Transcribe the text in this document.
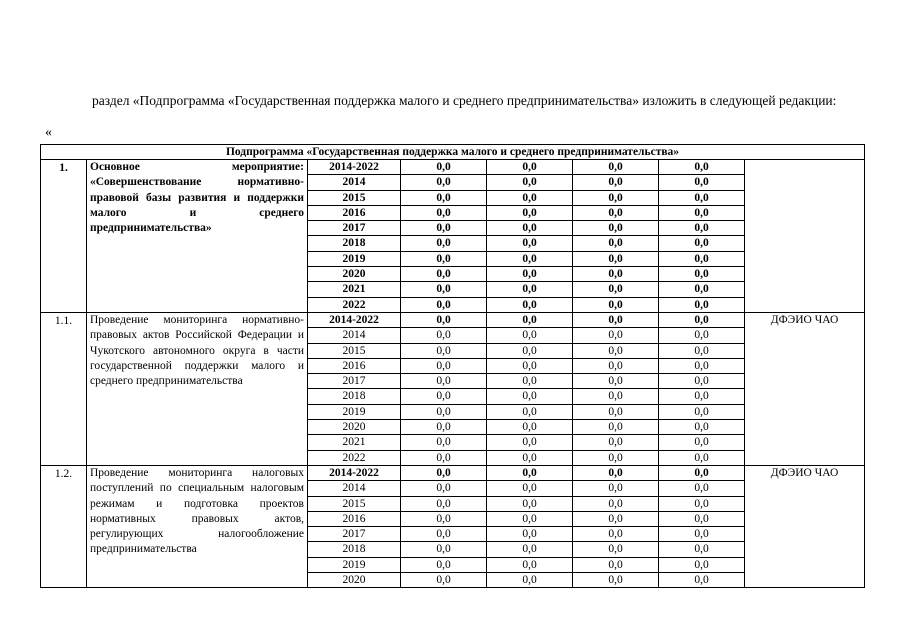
раздел «Подпрограмма «Государственная поддержка малого и среднего предпринимательства» изложить в следующей редакции:

«
Подпрограмма «Государственная поддержка малого и среднего предпринимательства»							
1.	Основное мероприятие: «Совершенствование нормативно-правовой базы развития и поддержки малого и среднего предпринимательства»	2014-2022	0,0	0,0	0,0	0,0	
		2014	0,0	0,0	0,0	0,0	
		2015	0,0	0,0	0,0	0,0	
		2016	0,0	0,0	0,0	0,0	
		2017	0,0	0,0	0,0	0,0	
		2018	0,0	0,0	0,0	0,0	
		2019	0,0	0,0	0,0	0,0	
		2020	0,0	0,0	0,0	0,0	
		2021	0,0	0,0	0,0	0,0	
		2022	0,0	0,0	0,0	0,0	
1.1.	Проведение мониторинга нормативно-правовых актов Российской Федерации и Чукотского автономного округа в части государственной поддержки малого и среднего предпринимательства	2014-2022	0,0	0,0	0,0	0,0	ДФЭИО ЧАО
		2014	0,0	0,0	0,0	0,0	
		2015	0,0	0,0	0,0	0,0	
		2016	0,0	0,0	0,0	0,0	
		2017	0,0	0,0	0,0	0,0	
		2018	0,0	0,0	0,0	0,0	
		2019	0,0	0,0	0,0	0,0	
		2020	0,0	0,0	0,0	0,0	
		2021	0,0	0,0	0,0	0,0	
		2022	0,0	0,0	0,0	0,0	
1.2.	Проведение мониторинга налоговых поступлений по специальным налоговым режимам и подготовка проектов нормативных правовых актов, регулирующих налогообложение предпринимательства	2014-2022	0,0	0,0	0,0	0,0	ДФЭИО ЧАО
		2014	0,0	0,0	0,0	0,0	
		2015	0,0	0,0	0,0	0,0	
		2016	0,0	0,0	0,0	0,0	
		2017	0,0	0,0	0,0	0,0	
		2018	0,0	0,0	0,0	0,0	
		2019	0,0	0,0	0,0	0,0	
		2020	0,0	0,0	0,0	0,0	
